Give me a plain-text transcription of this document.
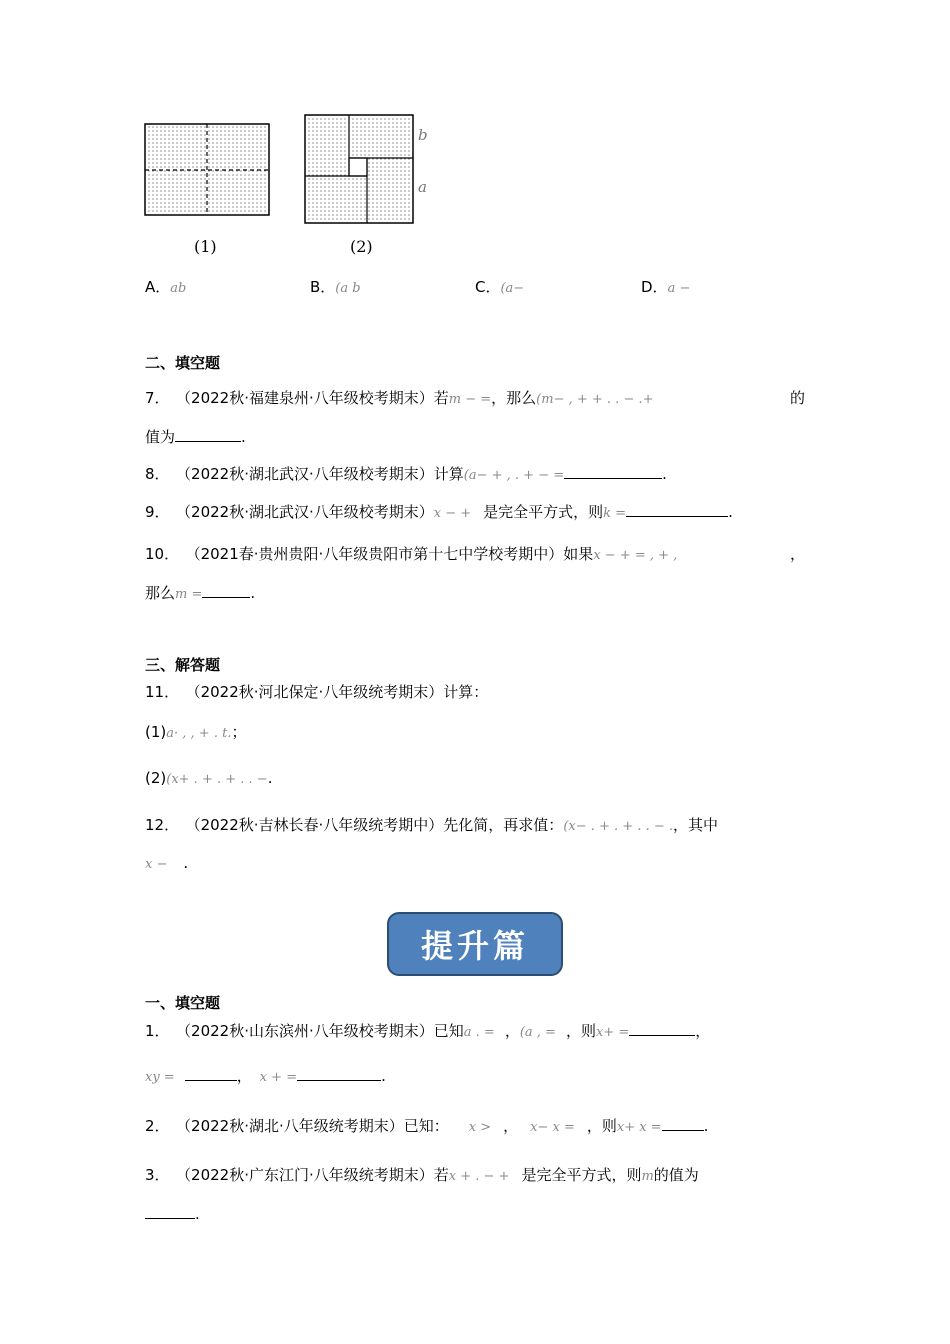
(1)
b
a
(2)
A．ab	B．(a b	C．(a−	D．a −
二、填空题
7． （2022秋·福建泉州·八年级校考期末）若m − =，那么(m− , + + . . − .+	的
值为	.
8． （2022秋·湖北武汉·八年级校考期末）计算(a− + , . + − =	.
9． （2022秋·湖北武汉·八年级校考期末）x − + 是完全平方式，则k =	.
10． （2021春·贵州贵阳·八年级贵阳市第十七中学校考期中）如果x − + = , + ,	，
那么m =	.
三、解答题
11． （2022秋·河北保定·八年级统考期末）计算：
(1)a· , , + . t.；
(2)(x+ . + . + . . −.
12． （2022秋·吉林长春·八年级统考期中）先化简，再求值：(x− . + . + . . − .，其中
x − .
提升篇
一、填空题
1． （2022秋·山东滨州·八年级校考期末）已知a . = ，(a , = ，则x+ =	，
xy =	， x + =	.
2． （2022秋·湖北·八年级统考期末）已知： x > ， x− x = ，则x+ x =	.
3． （2022秋·广东江门·八年级统考期末）若x + . − + 是完全平方式，则m的值为
.
